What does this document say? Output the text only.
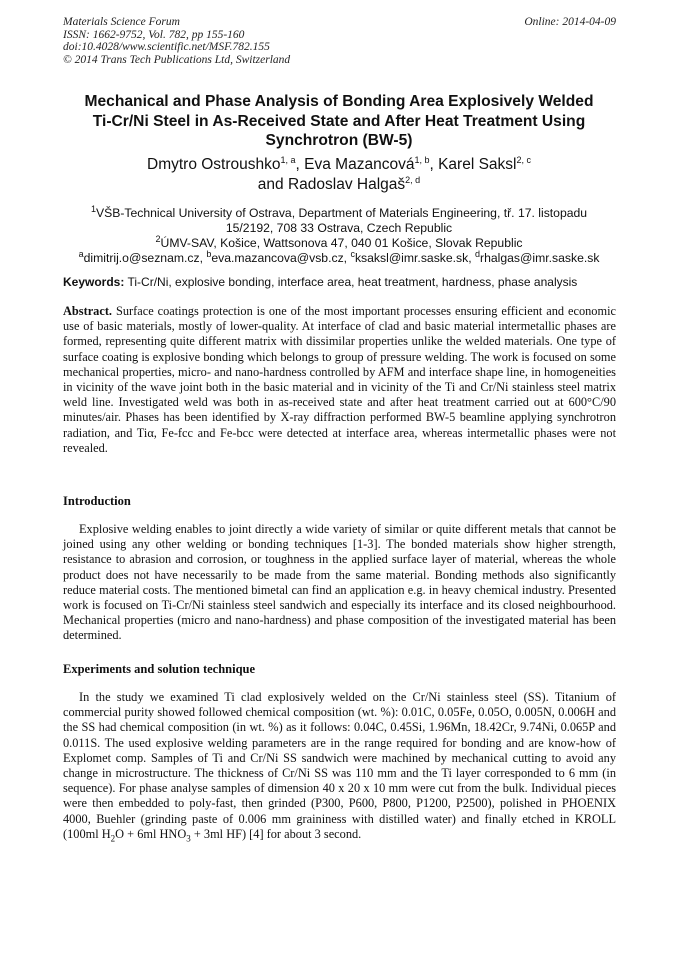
Materials Science Forum
ISSN: 1662-9752, Vol. 782, pp 155-160
doi:10.4028/www.scientific.net/MSF.782.155
© 2014 Trans Tech Publications Ltd, Switzerland
Online: 2014-04-09
Mechanical and Phase Analysis of Bonding Area Explosively Welded
Ti-Cr/Ni Steel in As-Received State and After Heat Treatment Using
Synchrotron (BW-5)
Dmytro Ostroushko$^{1, a}$, Eva Mazancová$^{1, b}$, Karel Saksl$^{2, c}$
and Radoslav Halgaš$^{2, d}$
$^1$VŠB-Technical University of Ostrava, Department of Materials Engineering, tř. 17. listopadu
15/2192, 708 33 Ostrava, Czech Republic
$^2$ÚMV-SAV, Košice, Wattsonova 47, 040 01 Košice, Slovak Republic
$^a$dimitrij.o@seznam.cz, $^b$eva.mazancova@vsb.cz, $^c$ksaksl@imr.saske.sk, $^d$rhalgas@imr.saske.sk
Keywords: Ti-Cr/Ni, explosive bonding, interface area, heat treatment, hardness, phase analysis

Abstract. Surface coatings protection is one of the most important processes ensuring efficient and economic use of basic materials, mostly of lower-quality. At interface of clad and basic material intermetallic phases are formed, representing quite different matrix with dissimilar properties unlike the welded materials. One type of surface coating is explosive bonding which belongs to group of pressure welding. The work is focused on some mechanical properties, micro- and nano-hardness controlled by AFM and interface shape line, in homogeneities in vicinity of the wave joint both in the basic material and in vicinity of the Ti and Cr/Ni stainless steel matrix weld line. Investigated weld was both in as-received state and after heat treatment carried out at 600°C/90 minutes/air. Phases has been identified by X-ray diffraction performed BW-5 beamline applying synchrotron radiation, and Tiα, Fe-fcc and Fe-bcc were detected at interface area, whereas intermetallic phases were not revealed.

Introduction

Explosive welding enables to joint directly a wide variety of similar or quite different metals that cannot be joined using any other welding or bonding techniques [1-3]. The bonded materials show higher strength, resistance to abrasion and corrosion, or toughness in the applied surface layer of material, whereas the whole product does not have necessarily to be made from the same material. Bonding methods also significantly reduce material costs. The mentioned bimetal can find an application e.g. in heavy chemical industry. Presented work is focused on Ti-Cr/Ni stainless steel sandwich and especially its interface and its closed neighbourhood. Mechanical properties (micro and nano-hardness) and phase composition of the investigated material has been determined.

Experiments and solution technique

In the study we examined Ti clad explosively welded on the Cr/Ni stainless steel (SS). Titanium of commercial purity showed followed chemical composition (wt. %): 0.01C, 0.05Fe, 0.05O, 0.005N, 0.006H and the SS had chemical composition (in wt. %) as it follows: 0.04C, 0.45Si, 1.96Mn, 18.42Cr, 9.74Ni, 0.065P and 0.011S. The used explosive welding parameters are in the range required for bonding and are know-how of Explomet comp. Samples of Ti and Cr/Ni SS sandwich were machined by mechanical cutting to avoid any change in microstructure. The thickness of Cr/Ni SS was 110 mm and the Ti layer corresponded to 6 mm (in sequence). For phase analyse samples of dimension 40 x 20 x 10 mm were cut from the bulk. Individual pieces were then embedded to poly-fast, then grinded (P300, P600, P800, P1200, P2500), polished in PHOENIX 4000, Buehler (grinding paste of 0.006 mm graininess with distilled water) and finally etched in KROLL (100ml $H_2O + 6ml$ $HNO_3 + 3ml$ HF) [4] for about 3 second.
